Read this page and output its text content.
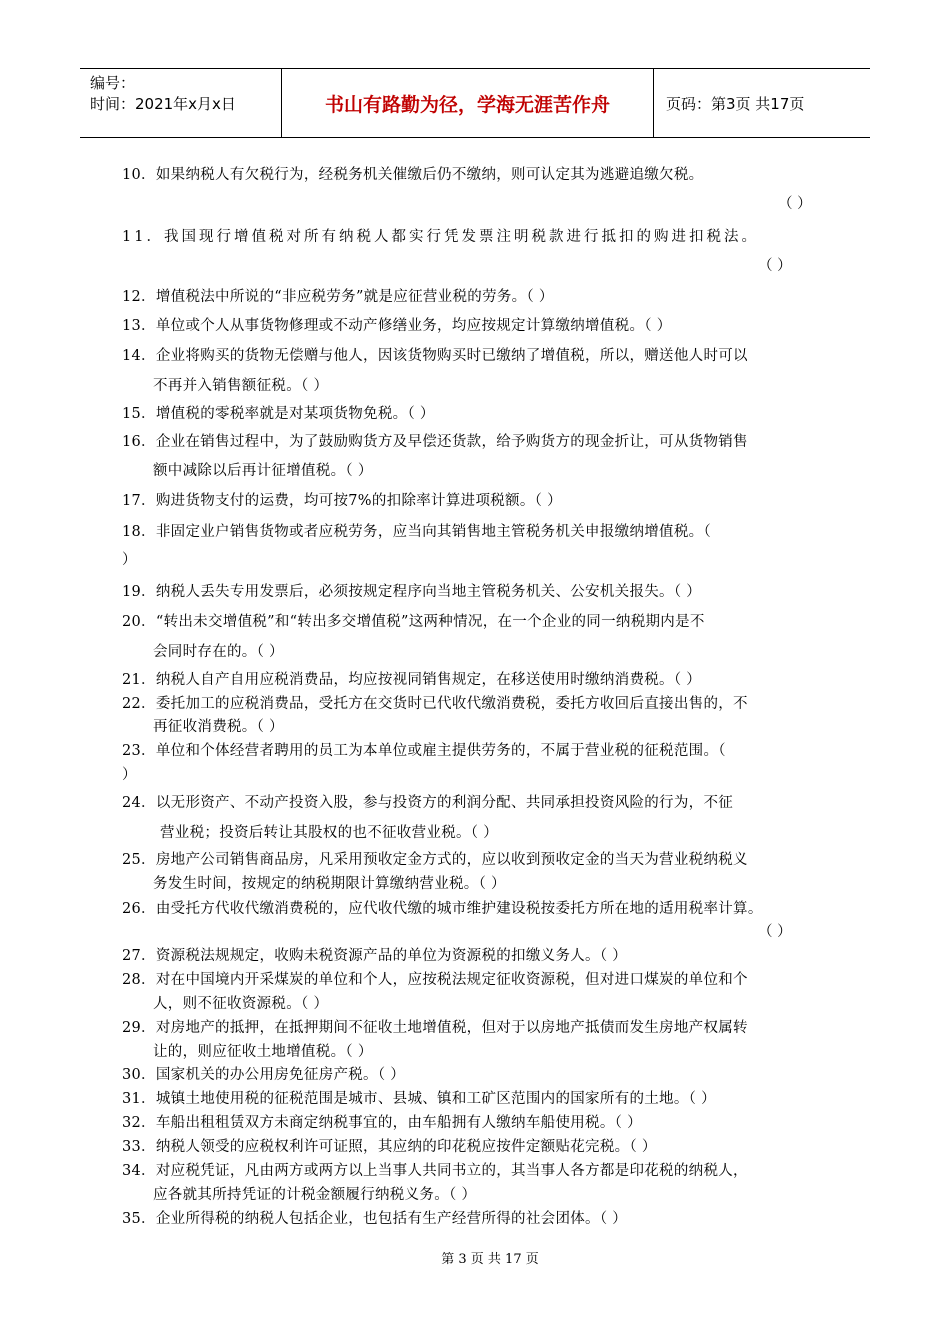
编号：
时间：2021年x月x日	书山有路勤为径，学海无涯苦作舟	页码：第3页 共17页
10．如果纳税人有欠税行为，经税务机关催缴后仍不缴纳，则可认定其为逃避追缴欠税。
（ ）
11．我国现行增值税对所有纳税人都实行凭发票注明税款进行抵扣的购进扣税法。
（ ）
12．增值税法中所说的“非应税劳务”就是应征营业税的劳务。（ ）
13．单位或个人从事货物修理或不动产修缮业务，均应按规定计算缴纳增值税。（ ）
14．企业将购买的货物无偿赠与他人，因该货物购买时已缴纳了增值税，所以，赠送他人时可以
不再并入销售额征税。（ ）
15．增值税的零税率就是对某项货物免税。（ ）
16．企业在销售过程中，为了鼓励购货方及早偿还货款，给予购货方的现金折让，可从货物销售
额中减除以后再计征增值税。（ ）
17．购进货物支付的运费，均可按7%的扣除率计算进项税额。（ ）
18．非固定业户销售货物或者应税劳务，应当向其销售地主管税务机关申报缴纳增值税。（
）
19．纳税人丢失专用发票后，必须按规定程序向当地主管税务机关、公安机关报失。（ ）
20．“转出未交增值税”和“转出多交增值税”这两种情况，在一个企业的同一纳税期内是不
会同时存在的。（ ）
21．纳税人自产自用应税消费品，均应按视同销售规定，在移送使用时缴纳消费税。（ ）
22．委托加工的应税消费品，受托方在交货时已代收代缴消费税，委托方收回后直接出售的，不
再征收消费税。（ ）
23．单位和个体经营者聘用的员工为本单位或雇主提供劳务的，不属于营业税的征税范围。（
）
24．以无形资产、不动产投资入股，参与投资方的利润分配、共同承担投资风险的行为，不征
营业税；投资后转让其股权的也不征收营业税。（ ）
25．房地产公司销售商品房，凡采用预收定金方式的，应以收到预收定金的当天为营业税纳税义
务发生时间，按规定的纳税期限计算缴纳营业税。（ ）
26．由受托方代收代缴消费税的，应代收代缴的城市维护建设税按委托方所在地的适用税率计算。
（ ）
27．资源税法规规定，收购未税资源产品的单位为资源税的扣缴义务人。（ ）
28．对在中国境内开采煤炭的单位和个人，应按税法规定征收资源税，但对进口煤炭的单位和个
人，则不征收资源税。（ ）
29．对房地产的抵押，在抵押期间不征收土地增值税，但对于以房地产抵债而发生房地产权属转
让的，则应征收土地增值税。（ ）
30．国家机关的办公用房免征房产税。（ ）
31．城镇土地使用税的征税范围是城市、县城、镇和工矿区范围内的国家所有的土地。（ ）
32．车船出租租赁双方未商定纳税事宜的，由车船拥有人缴纳车船使用税。（ ）
33．纳税人领受的应税权利许可证照，其应纳的印花税应按件定额贴花完税。（ ）
34．对应税凭证，凡由两方或两方以上当事人共同书立的，其当事人各方都是印花税的纳税人，
应各就其所持凭证的计税金额履行纳税义务。（ ）
35．企业所得税的纳税人包括企业，也包括有生产经营所得的社会团体。（ ）
第 3 页 共 17 页
